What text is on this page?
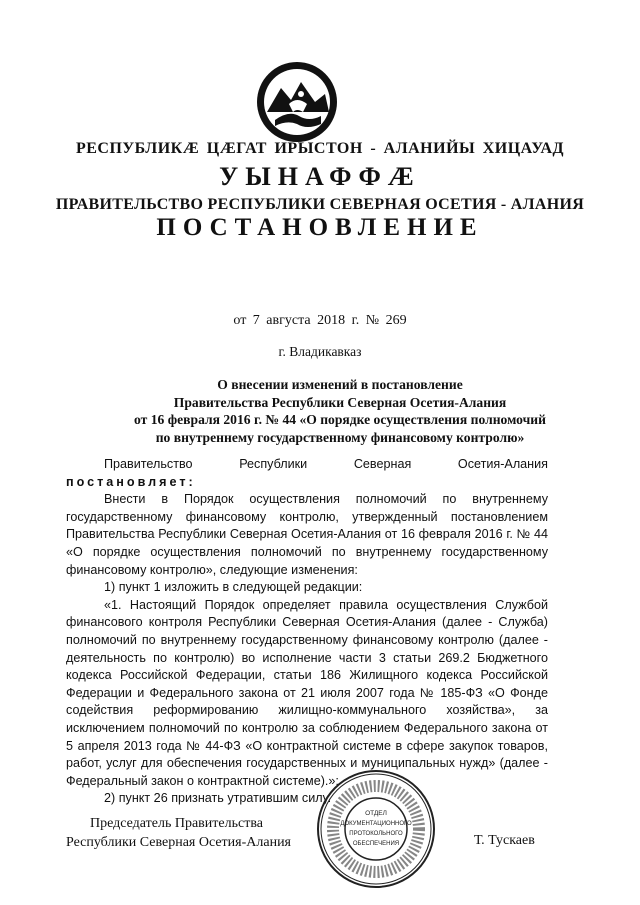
РЕСПУБЛИКӔ ЦӔГАТ ИРЫСТОН - АЛАНИЙЫ ХИЦАУАД
УЫНАФФӔ
ПРАВИТЕЛЬСТВО РЕСПУБЛИКИ СЕВЕРНАЯ ОСЕТИЯ - АЛАНИЯ
ПОСТАНОВЛЕНИЕ
от 7 августа 2018 г. № 269
г. Владикавказ
О внесении изменений в постановление
Правительства Республики Северная Осетия-Алания
от 16 февраля 2016 г. № 44 «О порядке осуществления полномочий
по внутреннему государственному финансовому контролю»

Правительство Республики Северная Осетия-Алания

постановляет:

Внести в Порядок осуществления полномочий по внутреннему государственному финансовому контролю, утвержденный постановлением Правительства Республики Северная Осетия-Алания от 16 февраля 2016 г. № 44 «О порядке осуществления полномочий по внутреннему государственному финансовому контролю», следующие изменения:

1) пункт 1 изложить в следующей редакции:

«1. Настоящий Порядок определяет правила осуществления Службой финансового контроля Республики Северная Осетия-Алания (далее - Служба) полномочий по внутреннему государственному финансовому контролю (далее - деятельность по контролю) во исполнение части 3 статьи 269.2 Бюджетного кодекса Российской Федерации, статьи 186 Жилищного кодекса Российской Федерации и Федерального закона от 21 июля 2007 года № 185-ФЗ «О Фонде содействия реформированию жилищно-коммунального хозяйства», за исключением полномочий по контролю за соблюдением Федерального закона от 5 апреля 2013 года № 44-ФЗ «О контрактной системе в сфере закупок товаров, работ, услуг для обеспечения государственных и муниципальных нужд» (далее - Федеральный закон о контрактной системе).»;

2) пункт 26 признать утратившим силу.

Председатель Правительства
Республики Северная Осетия-Алания
ОТДЕЛ
ДОКУМЕНТАЦИОННОГО
ПРОТОКОЛЬНОГО
ОБЕСПЕЧЕНИЯ	Т. Тускаев
